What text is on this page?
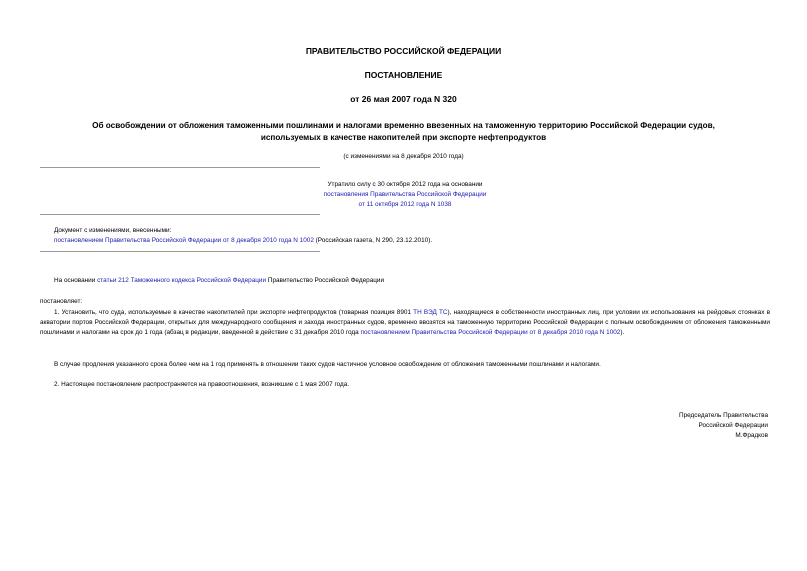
ПРАВИТЕЛЬСТВО РОССИЙСКОЙ ФЕДЕРАЦИИ
ПОСТАНОВЛЕНИЕ
от 26 мая 2007 года N 320
Об освобождении от обложения таможенными пошлинами и налогами временно ввезенных на таможенную территорию Российской Федерации судов,
используемых в качестве накопителей при экспорте нефтепродуктов
(с изменениями на 8 декабря 2010 года)
Утратило силу с 30 октября 2012 года на основании
постановления Правительства Российской Федерации
от 11 октября 2012 года N 1038
Документ с изменениями, внесенными:
постановлением Правительства Российской Федерации от 8 декабря 2010 года N 1002 (Российская газета, N 290, 23.12.2010).
На основании статьи 212 Таможенного кодекса Российской Федерации Правительство Российской Федерации
постановляет:
1. Установить, что суда, используемые в качестве накопителей при экспорте нефтепродуктов (товарная позиция 8901 ТН ВЭД ТС), находящиеся в собственности иностранных лиц, при условии их использования на рейдовых стоянках в акватории портов Российской Федерации, открытых для международного сообщения и захода иностранных судов, временно ввозятся на таможенную территорию Российской Федерации с полным освобождением от обложения таможенными пошлинами и налогами на срок до 1 года (абзац в редакции, введенной в действие с 31 декабря 2010 года постановлением Правительства Российской Федерации от 8 декабря 2010 года N 1002).
В случае продления указанного срока более чем на 1 год применять в отношении таких судов частичное условное освобождение от обложения таможенными пошлинами и налогами.
2. Настоящее постановление распространяется на правоотношения, возникшие с 1 мая 2007 года.
Председатель Правительства
Российской Федерации
М.Фрадков
